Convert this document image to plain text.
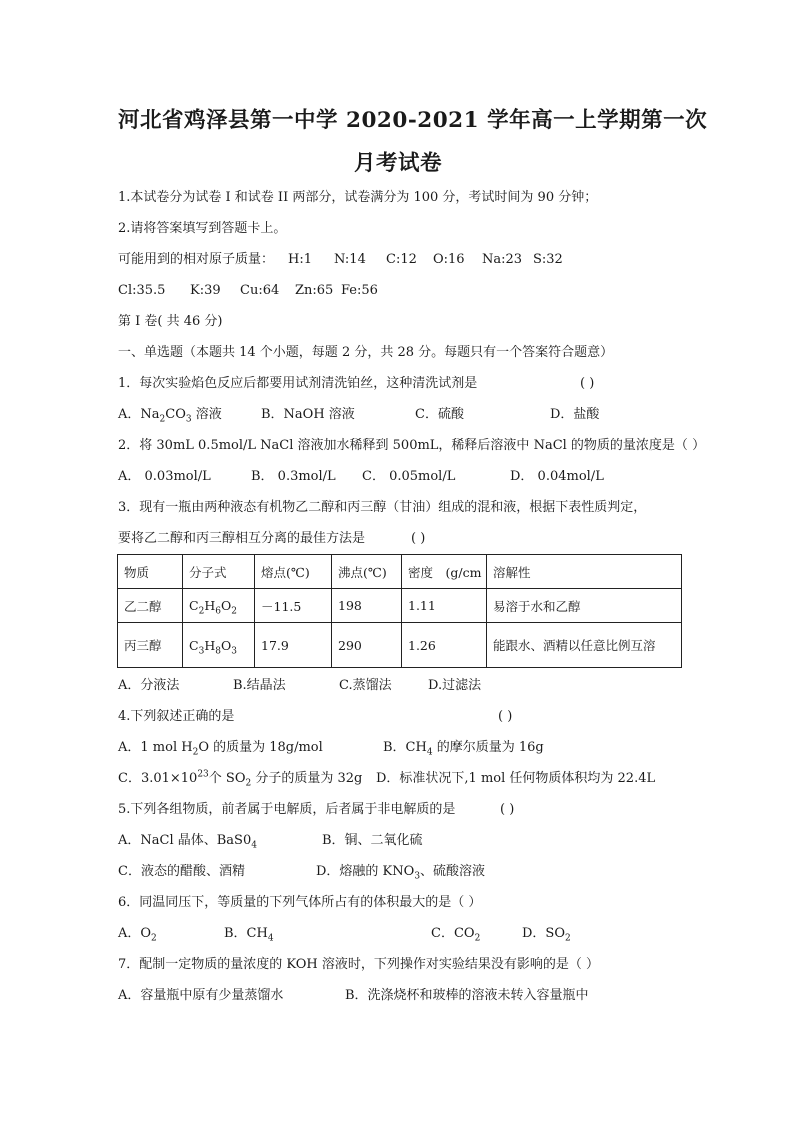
河北省鸡泽县第一中学 2020-2021 学年高一上学期第一次
月考试卷
1.本试卷分为试卷 I 和试卷 II 两部分，试卷满分为 100 分，考试时间为 90 分钟；
2.请将答案填写到答题卡上。
可能用到的相对原子质量： H:1 N:14 C:12 O:16 Na:23 S:32
Cl:35.5 K:39 Cu:64 Zn:65 Fe:56
第 I 卷( 共 46 分)
一、单选题（本题共 14 个小题，每题 2 分，共 28 分。每题只有一个答案符合题意）
1．每次实验焰色反应后都要用试剂清洗铂丝，这种清洗试剂是	( )
A．$Na_2CO_3$ 溶液	B．NaOH 溶液	C．硫酸	D．盐酸
2．将 30mL 0.5mol/L NaCl 溶液加水稀释到 500mL，稀释后溶液中 NaCl 的物质的量浓度是（ ）
A． 0.03mol/L	B． 0.3mol/L C． 0.05mol/L	D． 0.04mol/L
3．现有一瓶由两种液态有机物乙二醇和丙三醇（甘油）组成的混和液，根据下表性质判定，
要将乙二醇和丙三醇相互分离的最佳方法是	( )
物质	分子式	熔点(℃)	沸点(℃)	密度　(g/cm	溶解性
乙二醇	$C_2H_6O_2$	－11.5	198	1.11	易溶于水和乙醇
丙三醇	$C_3H_8O_3$	17.9	290	1.26	能跟水、酒精以任意比例互溶
A．分液法	B.结晶法	C.蒸馏法	D.过滤法
4.下列叙述正确的是	( )
A．1 mol $H_2O$ 的质量为 18g/mol	B．$CH_4$ 的摩尔质量为 16g
C．$3.01\times 10^{23}$个 $SO_2$ 分子的质量为 32g D．标准状况下,1 mol 任何物质体积均为 22.4L
5.下列各组物质，前者属于电解质，后者属于非电解质的是	( )
A．NaCl 晶体、$BaS0_4$	B．铜、二氧化硫
C．液态的醋酸、酒精	D．熔融的 $KNO_3$、硫酸溶液
6．同温同压下，等质量的下列气体所占有的体积最大的是（ ）
A．$O_2$	B．$CH_4$	C．$CO_2$	D．$SO_2$
7．配制一定物质的量浓度的 KOH 溶液时，下列操作对实验结果没有影响的是（ ）
A．容量瓶中原有少量蒸馏水	B．洗涤烧杯和玻棒的溶液未转入容量瓶中
